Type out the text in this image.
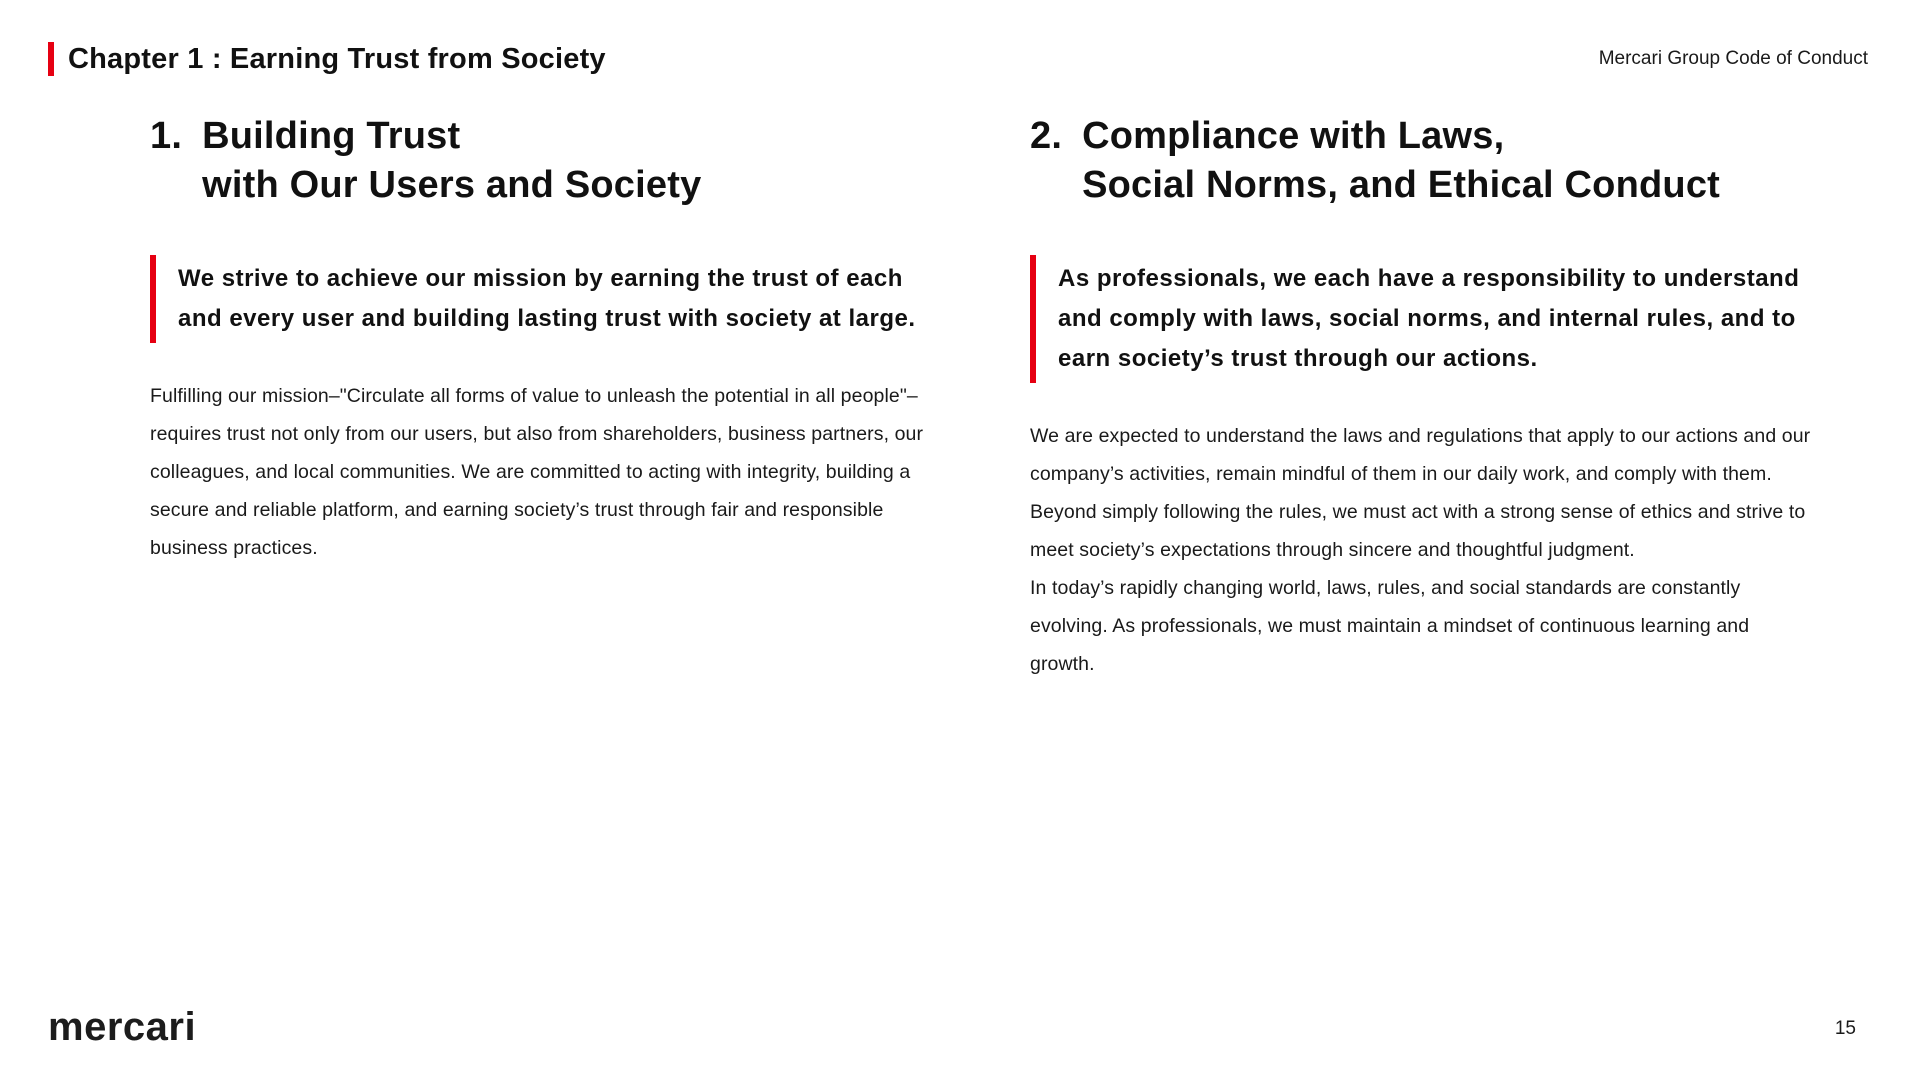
Chapter 1 : Earning Trust from Society	Mercari Group Code of Conduct
1. Building Trust
with Our Users and Society

We strive to achieve our mission by earning the trust of each and every user and building lasting trust with society at large.

Fulfilling our mission–"Circulate all forms of value to unleash the potential in all people"–requires trust not only from our users, but also from shareholders, business partners, our colleagues, and local communities. We are committed to acting with integrity, building a secure and reliable platform, and earning society’s trust through fair and responsible business practices.

2. Compliance with Laws,
Social Norms, and Ethical Conduct

As professionals, we each have a responsibility to understand and comply with laws, social norms, and internal rules, and to earn society’s trust through our actions.

We are expected to understand the laws and regulations that apply to our actions and our company’s activities, remain mindful of them in our daily work, and comply with them.

Beyond simply following the rules, we must act with a strong sense of ethics and strive to meet society’s expectations through sincere and thoughtful judgment.

In today’s rapidly changing world, laws, rules, and social standards are constantly evolving. As professionals, we must maintain a mindset of continuous learning and growth.

mercari	15
